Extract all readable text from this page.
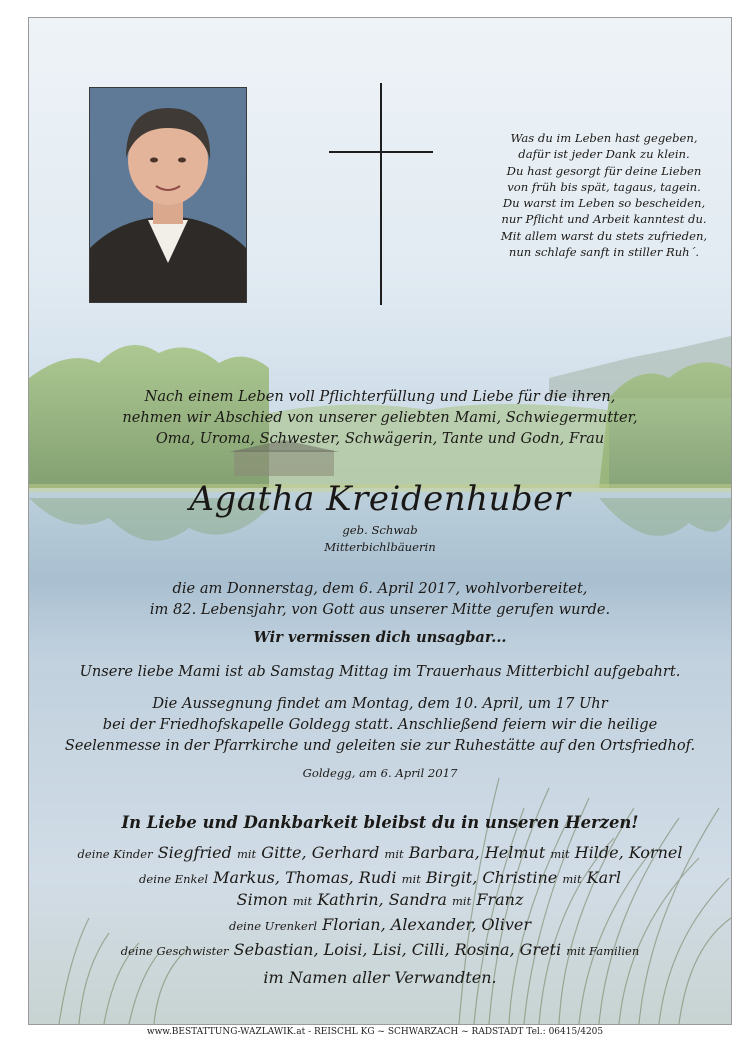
Was du im Leben hast gegeben,
dafür ist jeder Dank zu klein.
Du hast gesorgt für deine Lieben
von früh bis spät, tagaus, tagein.
Du warst im Leben so bescheiden,
nur Pflicht und Arbeit kanntest du.
Mit allem warst du stets zufrieden,
nun schlafe sanft in stiller Ruh´.
Nach einem Leben voll Pflichterfüllung und Liebe für die ihren,
nehmen wir Abschied von unserer geliebten Mami, Schwiegermutter,
Oma, Uroma, Schwester, Schwägerin, Tante und Godn, Frau
Agatha Kreidenhuber
geb. Schwab
Mitterbichlbäuerin
die am Donnerstag, dem 6. April 2017, wohlvorbereitet,
im 82. Lebensjahr, von Gott aus unserer Mitte gerufen wurde.
Wir vermissen dich unsagbar...
Unsere liebe Mami ist ab Samstag Mittag im Trauerhaus Mitterbichl aufgebahrt.
Die Aussegnung findet am Montag, dem 10. April, um 17 Uhr
bei der Friedhofskapelle Goldegg statt. Anschließend feiern wir die heilige
Seelenmesse in der Pfarrkirche und geleiten sie zur Ruhestätte auf den Ortsfriedhof.
Goldegg, am 6. April 2017
In Liebe und Dankbarkeit bleibst du in unseren Herzen!
deine Kinder Siegfried mit Gitte, Gerhard mit Barbara, Helmut mit Hilde, Kornel
deine Enkel Markus, Thomas, Rudi mit Birgit, Christine mit Karl
Simon mit Kathrin, Sandra mit Franz
deine Urenkerl Florian, Alexander, Oliver
deine Geschwister Sebastian, Loisi, Lisi, Cilli, Rosina, Greti mit Familien
im Namen aller Verwandten.
www.BESTATTUNG-WAZLAWIK.at - REISCHL KG ~ SCHWARZACH ~ RADSTADT Tel.: 06415/4205
